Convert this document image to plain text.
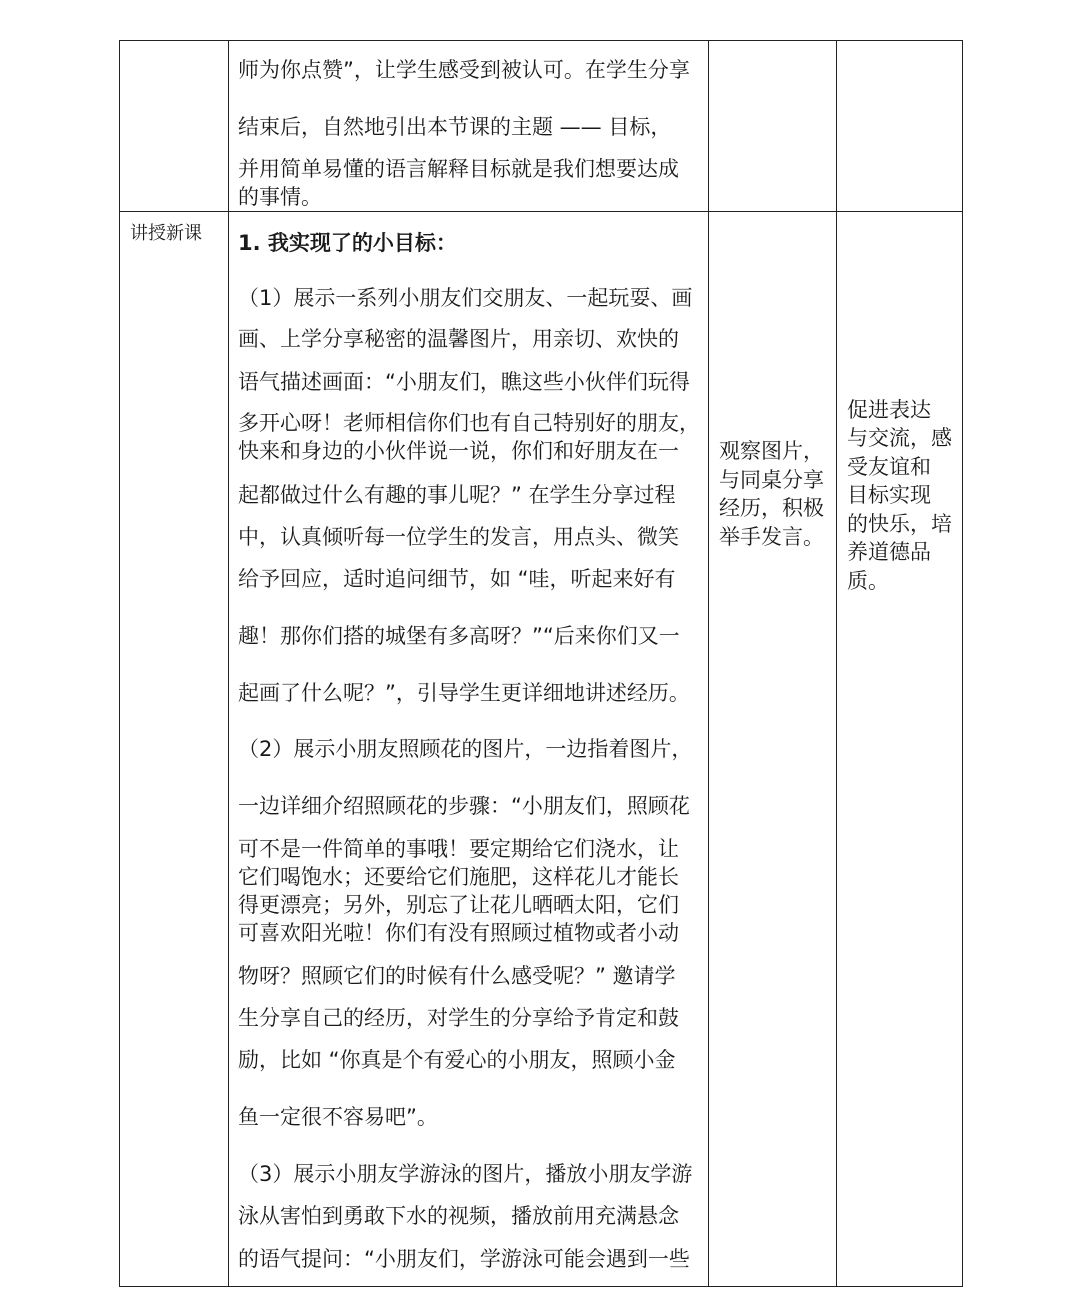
师为你点赞”，让学生感受到被认可。在学生分享
结束后，自然地引出本节课的主题 —— 目标，
并用简单易懂的语言解释目标就是我们想要达成
的事情。
讲授新课 1. 我实现了的小目标：
（1）展示一系列小朋友们交朋友、一起玩耍、画
画、上学分享秘密的温馨图片，用亲切、欢快的
语气描述画面：“小朋友们，瞧这些小伙伴们玩得
多开心呀！老师相信你们也有自己特别好的朋友，
快来和身边的小伙伴说一说，你们和好朋友在一
起都做过什么有趣的事儿呢？” 在学生分享过程
中，认真倾听每一位学生的发言，用点头、微笑
给予回应，适时追问细节，如 “哇，听起来好有
趣！那你们搭的城堡有多高呀？”“后来你们又一
起画了什么呢？”，引导学生更详细地讲述经历。
（2）展示小朋友照顾花的图片，一边指着图片，
一边详细介绍照顾花的步骤：“小朋友们，照顾花
可不是一件简单的事哦！要定期给它们浇水，让
它们喝饱水；还要给它们施肥，这样花儿才能长
得更漂亮；另外，别忘了让花儿晒晒太阳，它们
可喜欢阳光啦！你们有没有照顾过植物或者小动
物呀？照顾它们的时候有什么感受呢？” 邀请学
生分享自己的经历，对学生的分享给予肯定和鼓
励，比如 “你真是个有爱心的小朋友，照顾小金
鱼一定很不容易吧”。
（3）展示小朋友学游泳的图片，播放小朋友学游
泳从害怕到勇敢下水的视频，播放前用充满悬念
的语气提问：“小朋友们，学游泳可能会遇到一些
观察图片，
与同桌分享
经历，积极
举手发言。
促进表达
与交流，感
受友谊和
目标实现
的快乐，培
养道德品
质。
